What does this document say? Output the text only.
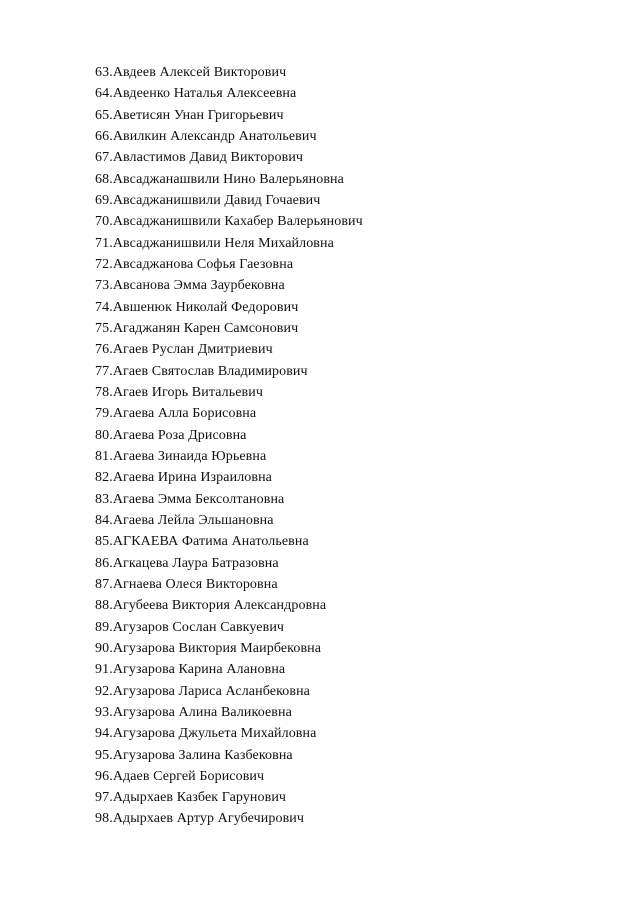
63.Авдеев Алексей Викторович
64.Авдеенко Наталья Алексеевна
65.Аветисян Унан Григорьевич
66.Авилкин Александр Анатольевич
67.Авластимов Давид Викторович
68.Авсаджанашвили Нино Валерьяновна
69.Авсаджанишвили Давид Гочаевич
70.Авсаджанишвили Кахабер Валерьянович
71.Авсаджанишвили Неля Михайловна
72.Авсаджанова Софья Гаезовна
73.Авсанова Эмма Заурбековна
74.Авшенюк Николай Федорович
75.Агаджанян Карен Самсонович
76.Агаев Руслан Дмитриевич
77.Агаев Святослав Владимирович
78.Агаев Игорь Витальевич
79.Агаева Алла Борисовна
80.Агаева Роза Дрисовна
81.Агаева Зинаида Юрьевна
82.Агаева Ирина Израиловна
83.Агаева Эмма Бексолтановна
84.Агаева Лейла Эльшановна
85.АГКАЕВА Фатима Анатольевна
86.Агкацева Лаура Батразовна
87.Агнаева Олеся Викторовна
88.Агубеева Виктория Александровна
89.Агузаров Сослан Савкуевич
90.Агузарова Виктория Маирбековна
91.Агузарова Карина Алановна
92.Агузарова Лариса Асланбековна
93.Агузарова Алина Валикоевна
94.Агузарова Джульета Михайловна
95.Агузарова Залина Казбековна
96.Адаев Сергей Борисович
97.Адырхаев Казбек Гарунович
98.Адырхаев Артур Агубечирович
